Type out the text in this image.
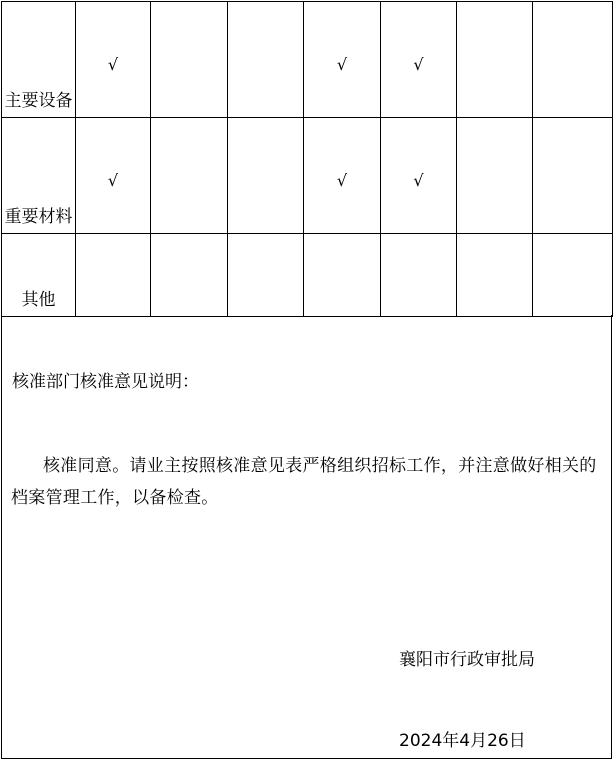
主要设备	√			√	√		

重要材料	√			√	√		

其他	

核准部门核准意见说明：
核准同意。请业主按照核准意见表严格组织招标工作，并注意做好相关的档案管理工作，以备检查。
襄阳市行政审批局
2024年4月26日
